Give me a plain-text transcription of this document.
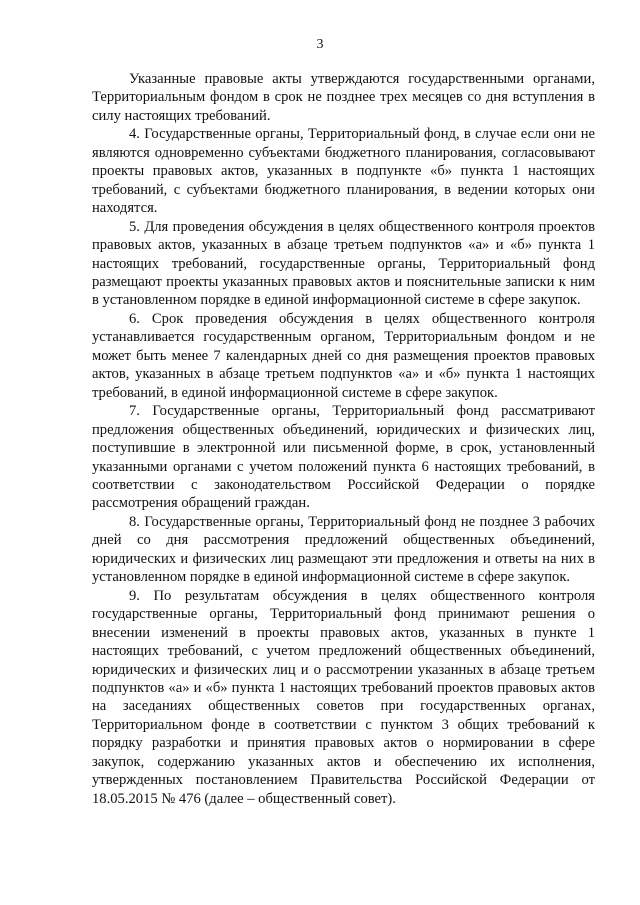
3

Указанные правовые акты утверждаются государственными органами, Территориальным фондом в срок не позднее трех месяцев со дня вступления в силу настоящих требований.

4. Государственные органы, Территориальный фонд, в случае если они не являются одновременно субъектами бюджетного планирования, согласовывают проекты правовых актов, указанных в подпункте «б» пункта 1 настоящих требований, с субъектами бюджетного планирования, в ведении которых они находятся.

5. Для проведения обсуждения в целях общественного контроля проектов правовых актов, указанных в абзаце третьем подпунктов «а» и «б» пункта 1 настоящих требований, государственные органы, Территориальный фонд размещают проекты указанных правовых актов и пояснительные записки к ним в установленном порядке в единой информационной системе в сфере закупок.

6. Срок проведения обсуждения в целях общественного контроля устанавливается государственным органом, Территориальным фондом и не может быть менее 7 календарных дней со дня размещения проектов правовых актов, указанных в абзаце третьем подпунктов «а» и «б» пункта 1 настоящих требований, в единой информационной системе в сфере закупок.

7. Государственные органы, Территориальный фонд рассматривают предложения общественных объединений, юридических и физических лиц, поступившие в электронной или письменной форме, в срок, установленный указанными органами с учетом положений пункта 6 настоящих требований, в соответствии с законодательством Российской Федерации о порядке рассмотрения обращений граждан.

8. Государственные органы, Территориальный фонд не позднее 3 рабочих дней со дня рассмотрения предложений общественных объединений, юридических и физических лиц размещают эти предложения и ответы на них в установленном порядке в единой информационной системе в сфере закупок.

9. По результатам обсуждения в целях общественного контроля государственные органы, Территориальный фонд принимают решения о внесении изменений в проекты правовых актов, указанных в пункте 1 настоящих требований, с учетом предложений общественных объединений, юридических и физических лиц и о рассмотрении указанных в абзаце третьем подпунктов «а» и «б» пункта 1 настоящих требований проектов правовых актов на заседаниях общественных советов при государственных органах, Территориальном фонде в соответствии с пунктом 3 общих требований к порядку разработки и принятия правовых актов о нормировании в сфере закупок, содержанию указанных актов и обеспечению их исполнения, утвержденных постановлением Правительства Российской Федерации от 18.05.2015 № 476 (далее – общественный совет).
